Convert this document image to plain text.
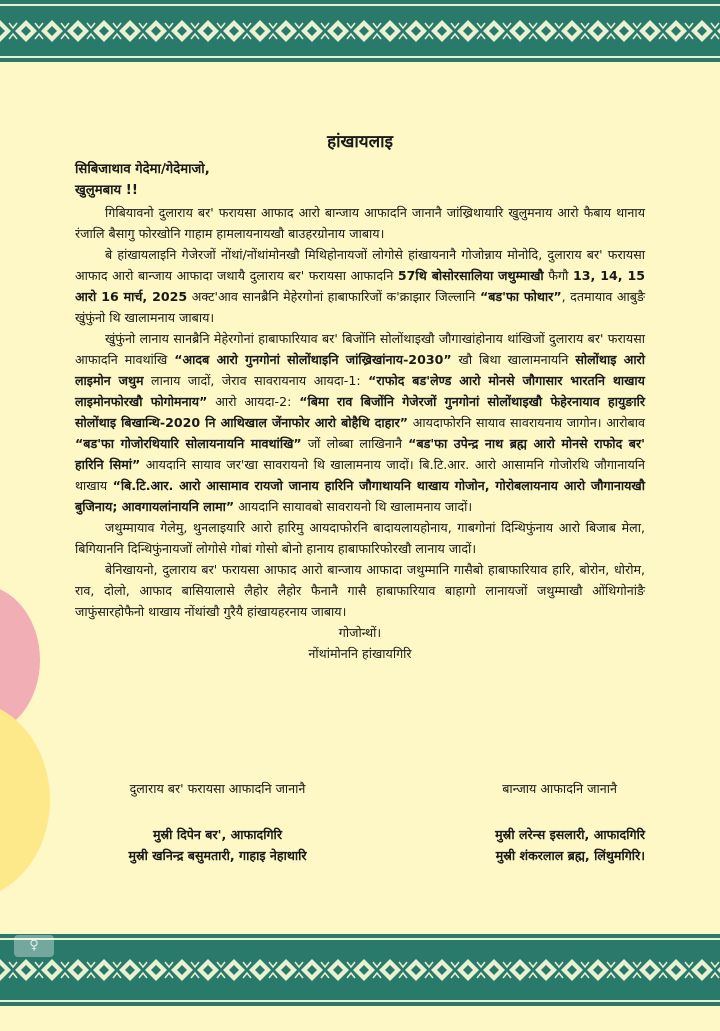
हांखायलाइ
सिबिजाथाव गेदेमा/गेदेमाजो,
खुलुमबाय !!
गिबियावनो दुलाराय बर' फरायसा आफाद आरो बान्जाय आफादनि जानानै जांख्रिथायारि खुलुमनाय आरो फैबाय थानाय रंजालि बैसागु फोरखोनि गाहाम हामलायनायखौ बाउहरग्रोनाय जाबाय।
बे हांखायलाइनि गेजेरजों नोंथां/नोंथांमोनखौ मिथिहोनायजों लोगोसे हांखायनानै गोजोन्नाय मोनोदि, दुलाराय बर' फरायसा आफाद आरो बान्जाय आफादा जथायै दुलाराय बर' फरायसा आफादनि 57थि बोसोरसालिया जथुम्माखौ फैगौ 13, 14, 15 आरो 16 मार्च, 2025 अक्ट'आव सानब्रैनि मेहेरगोनां हाबाफारिजों क'क्राझार जिल्लानि “बड'फा फोथार”, दतमायाव आबुङै खुंफुंनो थि खालामनाय जाबाय।
खुंफुंनो लानाय सानब्रैनि मेहेरगोनां हाबाफारियाव बर' बिजोंनि सोलोंथाइखौ जौगाखांहोनाय थांखिजों दुलाराय बर' फरायसा आफादनि मावथांखि “आदब आरो गुनगोनां सोलोंथाइनि जांख्रिखांनाय-2030” खौ बिथा खालामनायनि सोलोंथाइ आरो लाइमोन जथुम लानाय जादों, जेराव सावरायनाय आयदा-1: “राफोद बड'लेण्ड आरो मोनसे जौगासार भारतनि थाखाय लाइमोनफोरखौ फोगोमनाय” आरो आयदा-2: “बिमा राव बिजोंनि गेजेरजों गुनगोनां सोलोंथाइखौ फेहेरनायाव हायुङारि सोलोंथाइ बिखान्थि-2020 नि आथिखाल जेंनाफोर आरो बोहैथि दाहार” आयदाफोरनि सायाव सावरायनाय जागोन। आरोबाव “बड'फा गोजोरथियारि सोलायनायनि मावथांखि” जों लोब्बा लाखिनानै “बड'फा उपेन्द्र नाथ ब्रह्म आरो मोनसे राफोद बर' हारिनि सिमां” आयदानि सायाव जर'खा सावरायनो थि खालामनाय जादों। बि.टि.आर. आरो आसामनि गोजोरथि जौगानायनि थाखाय “बि.टि.आर. आरो आसामाव रायजो जानाय हारिनि जौगाथायनि थाखाय गोजोन, गोरोबलायनाय आरो जौगानायखौ बुजिनाय; आवगायलांनायनि लामा” आयदानि सायावबो सावरायनो थि खालामनाय जादों।
जथुम्मायाव गेलेमु, थुनलाइयारि आरो हारिमु आयदाफोरनि बादायलायहोनाय, गाबगोनां दिन्थिफुंनाय आरो बिजाब मेला, बिगियाननि दिन्थिफुंनायजों लोगोसे गोबां गोसो बोनो हानाय हाबाफारिफोरखौ लानाय जादों।
बेनिखायनो, दुलाराय बर' फरायसा आफाद आरो बान्जाय आफादा जथुम्मानि गासैबो हाबाफारियाव हारि, बोरोन, धोरोम, राव, दोलो, आफाद बासियालासे लैहोर लैहोर फैनानै गासै हाबाफारियाव बाहागो लानायजों जथुम्माखौ ओंथिगोनांङै जाफुंसारहोफैनो थाखाय नोंथांखौ गुरैयै हांखायहरनाय जाबाय।
गोजोन्थों।
नोंथांमोननि हांखायगिरि
दुलाराय बर' फरायसा आफादनि जानानै	बान्जाय आफादनि जानानै
मुस्री दिपेन बर', आफादगिरि
मुस्री खनिन्द्र बसुमतारी, गाहाइ नेहाथारि
मुस्री लरेन्स इसलारी, आफादगिरि
मुस्री शंकरलाल ब्रह्म, लिंथुमगिरि।
♀
